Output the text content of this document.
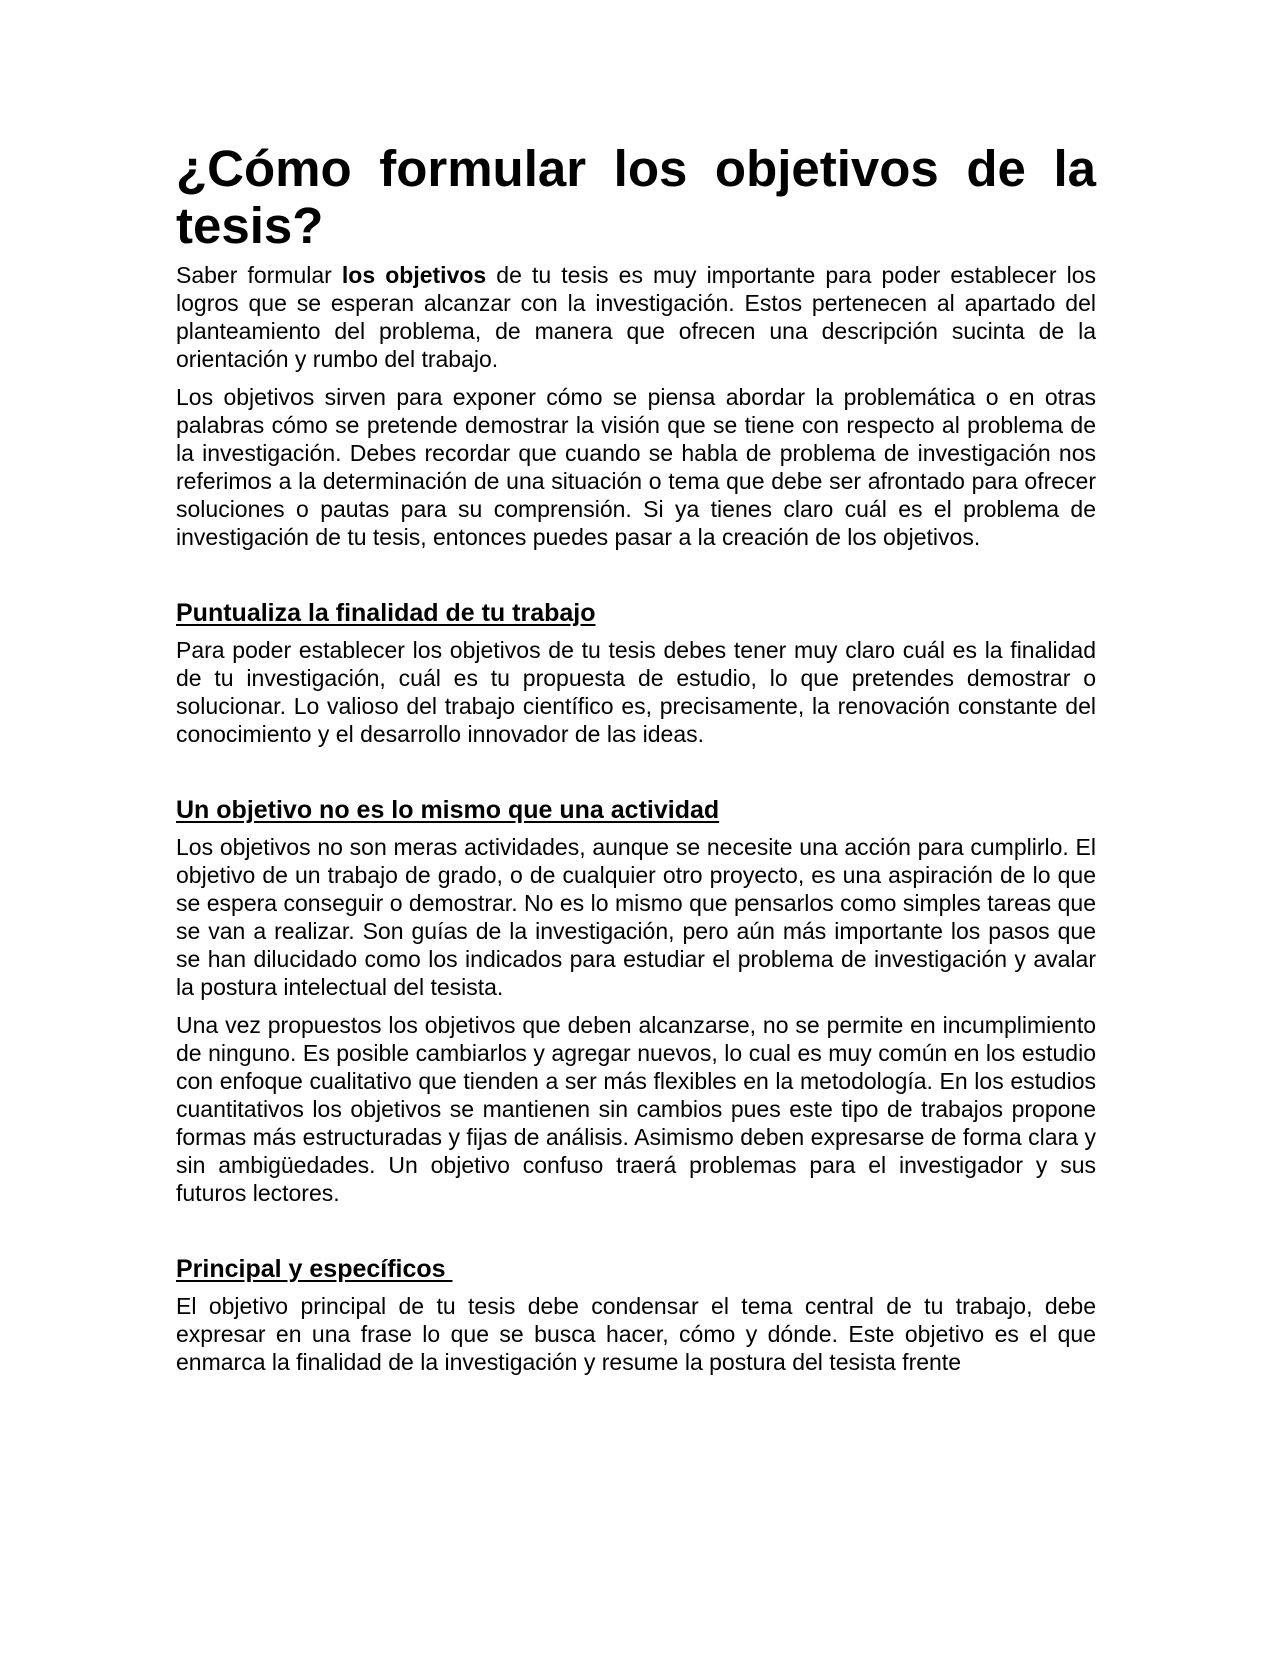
¿Cómo formular los objetivos de la tesis?

Saber formular los objetivos de tu tesis es muy importante para poder establecer los logros que se esperan alcanzar con la investigación. Estos pertenecen al apartado del planteamiento del problema, de manera que ofrecen una descripción sucinta de la orientación y rumbo del trabajo.

Los objetivos sirven para exponer cómo se piensa abordar la problemática o en otras palabras cómo se pretende demostrar la visión que se tiene con respecto al problema de la investigación. Debes recordar que cuando se habla de problema de investigación nos referimos a la determinación de una situación o tema que debe ser afrontado para ofrecer soluciones o pautas para su comprensión. Si ya tienes claro cuál es el problema de investigación de tu tesis, entonces puedes pasar a la creación de los objetivos.

Puntualiza la finalidad de tu trabajo

Para poder establecer los objetivos de tu tesis debes tener muy claro cuál es la finalidad de tu investigación, cuál es tu propuesta de estudio, lo que pretendes demostrar o solucionar. Lo valioso del trabajo científico es, precisamente, la renovación constante del conocimiento y el desarrollo innovador de las ideas.

Un objetivo no es lo mismo que una actividad

Los objetivos no son meras actividades, aunque se necesite una acción para cumplirlo. El objetivo de un trabajo de grado, o de cualquier otro proyecto, es una aspiración de lo que se espera conseguir o demostrar. No es lo mismo que pensarlos como simples tareas que se van a realizar. Son guías de la investigación, pero aún más importante los pasos que se han dilucidado como los indicados para estudiar el problema de investigación y avalar la postura intelectual del tesista.

Una vez propuestos los objetivos que deben alcanzarse, no se permite en incumplimiento de ninguno. Es posible cambiarlos y agregar nuevos, lo cual es muy común en los estudio con enfoque cualitativo que tienden a ser más flexibles en la metodología. En los estudios cuantitativos los objetivos se mantienen sin cambios pues este tipo de trabajos propone formas más estructuradas y fijas de análisis. Asimismo deben expresarse de forma clara y sin ambigüedades. Un objetivo confuso traerá problemas para el investigador y sus futuros lectores.

Principal y específicos

El objetivo principal de tu tesis debe condensar el tema central de tu trabajo, debe expresar en una frase lo que se busca hacer, cómo y dónde. Este objetivo es el que enmarca la finalidad de la investigación y resume la postura del tesista frente
